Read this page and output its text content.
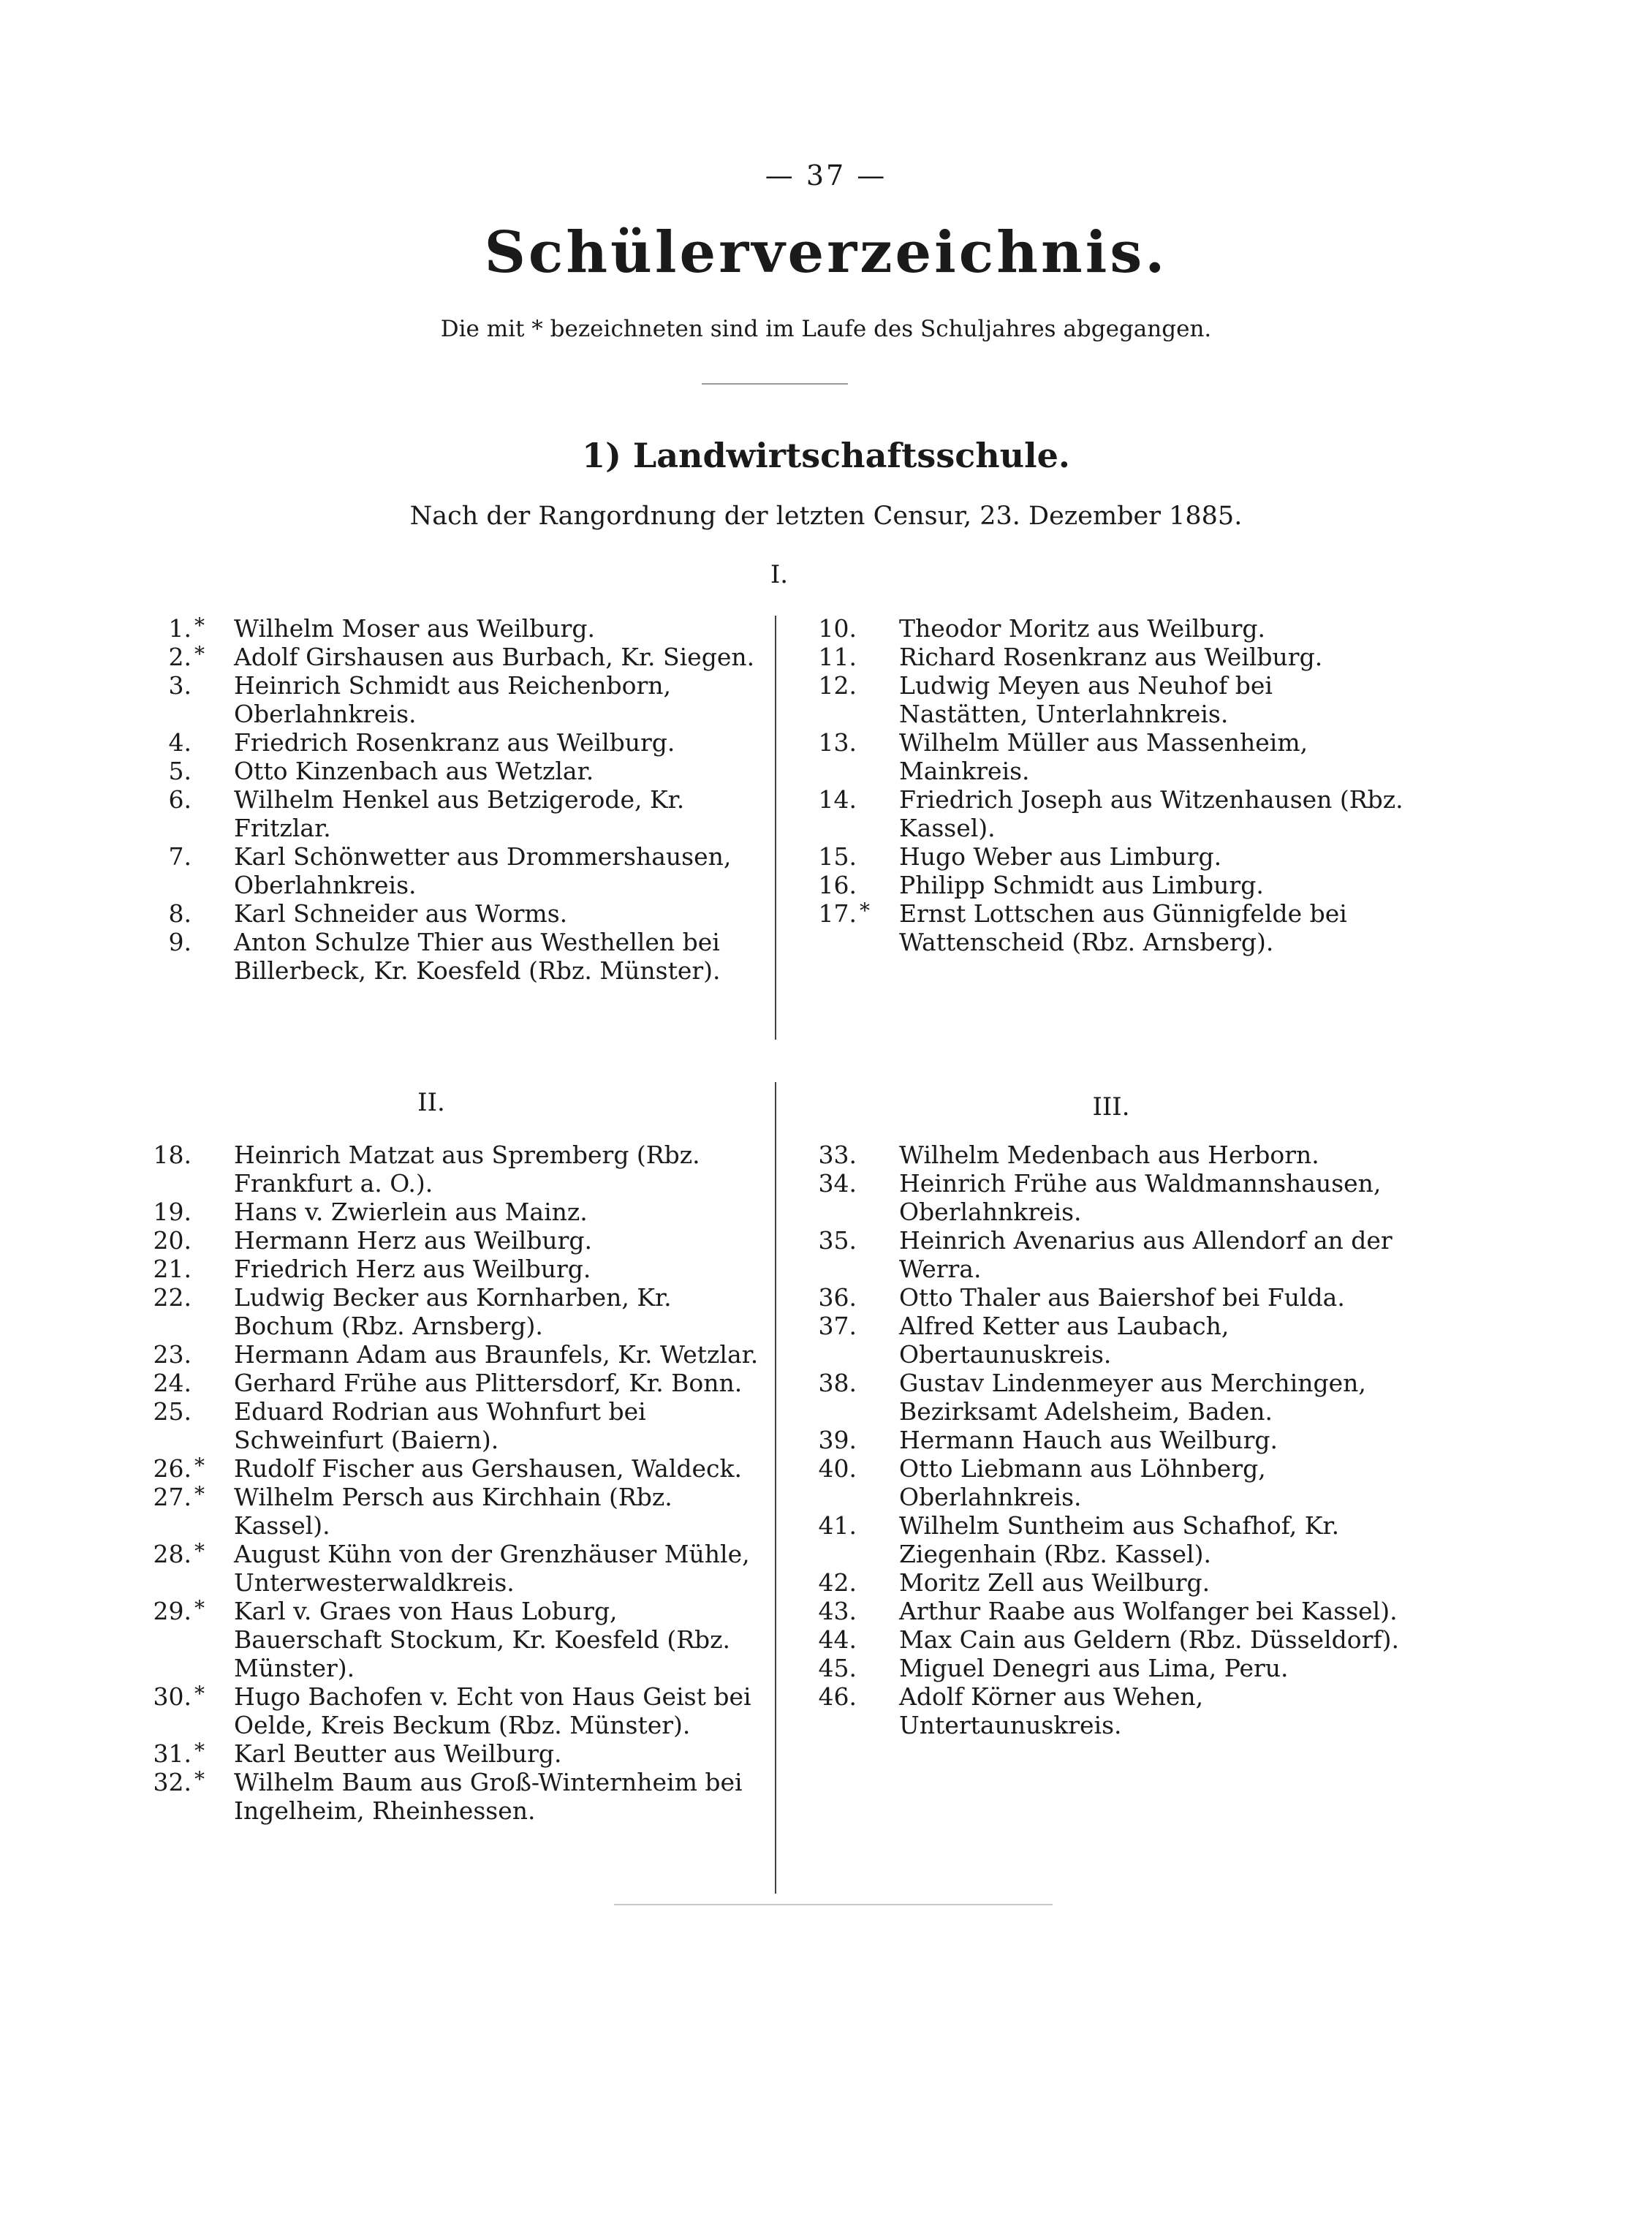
— 37 —
Schülerverzeichnis.
Die mit * bezeichneten sind im Laufe des Schuljahres abgegangen.
1) Landwirtschaftsschule.
Nach der Rangordnung der letzten Censur, 23. Dezember 1885.
I.
1. *	Wilhelm Moser aus Weilburg.
2. *	Adolf Girshausen aus Burbach, Kr. Siegen.
3. Heinrich Schmidt aus Reichenborn, Oberlahnkreis.
4. Friedrich Rosenkranz aus Weilburg.
5. Otto Kinzenbach aus Wetzlar.
6. Wilhelm Henkel aus Betzigerode, Kr. Fritzlar.
7. Karl Schönwetter aus Drommershausen, Oberlahnkreis.
8. Karl Schneider aus Worms.
9. Anton Schulze Thier aus Westhellen bei Billerbeck, Kr. Koesfeld (Rbz. Münster).
10. Theodor Moritz aus Weilburg.
11. Richard Rosenkranz aus Weilburg.
12. Ludwig Meyen aus Neuhof bei Nastätten, Unterlahnkreis.
13. Wilhelm Müller aus Massenheim, Mainkreis.
14. Friedrich Joseph aus Witzenhausen (Rbz. Kassel).
15. Hugo Weber aus Limburg.
16. Philipp Schmidt aus Limburg.
17. *	Ernst Lottschen aus Günnigfelde bei Wattenscheid (Rbz. Arnsberg).
II.	III.
18. Heinrich Matzat aus Spremberg (Rbz. Frankfurt a. O.).
19. Hans v. Zwierlein aus Mainz.
20. Hermann Herz aus Weilburg.
21. Friedrich Herz aus Weilburg.
22. Ludwig Becker aus Kornharben, Kr. Bochum (Rbz. Arnsberg).
23. Hermann Adam aus Braunfels, Kr. Wetzlar.
24. Gerhard Frühe aus Plittersdorf, Kr. Bonn.
25. Eduard Rodrian aus Wohnfurt bei Schweinfurt (Baiern).
26. *	Rudolf Fischer aus Gershausen, Waldeck.
27. *	Wilhelm Persch aus Kirchhain (Rbz. Kassel).
28. *	August Kühn von der Grenzhäuser Mühle, Unterwesterwaldkreis.
29. *	Karl v. Graes von Haus Loburg, Bauerschaft Stockum, Kr. Koesfeld (Rbz. Münster).
30. *	Hugo Bachofen v. Echt von Haus Geist bei Oelde, Kreis Beckum (Rbz. Münster).
31. *	Karl Beutter aus Weilburg.
32. *	Wilhelm Baum aus Groß-Winternheim bei Ingelheim, Rheinhessen.
33. Wilhelm Medenbach aus Herborn.
34. Heinrich Frühe aus Waldmannshausen, Oberlahnkreis.
35. Heinrich Avenarius aus Allendorf an der Werra.
36. Otto Thaler aus Baiershof bei Fulda.
37. Alfred Ketter aus Laubach, Obertaunuskreis.
38. Gustav Lindenmeyer aus Merchingen, Bezirksamt Adelsheim, Baden.
39. Hermann Hauch aus Weilburg.
40. Otto Liebmann aus Löhnberg, Oberlahnkreis.
41. Wilhelm Suntheim aus Schafhof, Kr. Ziegenhain (Rbz. Kassel).
42. Moritz Zell aus Weilburg.
43. Arthur Raabe aus Wolfanger bei Kassel).
44. Max Cain aus Geldern (Rbz. Düsseldorf).
45. Miguel Denegri aus Lima, Peru.
46. Adolf Körner aus Wehen, Untertaunuskreis.
